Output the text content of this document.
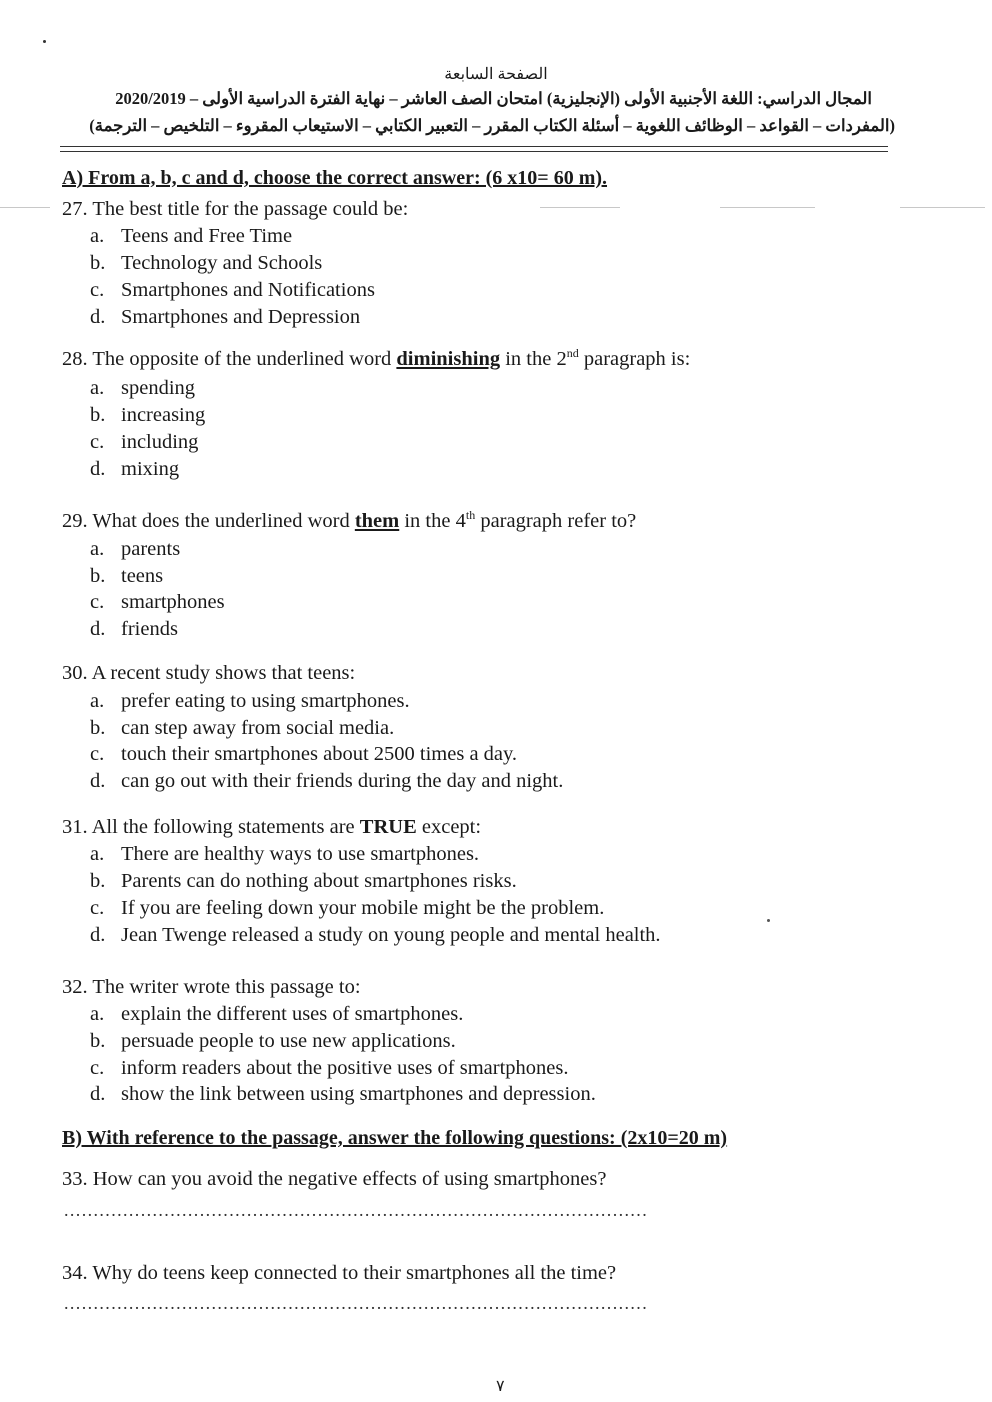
الصفحة السابعة
المجال الدراسي: اللغة الأجنبية الأولى (الإنجليزية) امتحان الصف العاشر – نهاية الفترة الدراسية الأولى – 2020/2019
(المفردات – القواعد – الوظائف اللغوية – أسئلة الكتاب المقرر – التعبير الكتابي – الاستيعاب المقروء – التلخيص – الترجمة)
A) From a, b, c and d, choose the correct answer: (6 x10= 60 m).
27. The best title for the passage could be:
a. Teens and Free Time
b. Technology and Schools
c. Smartphones and Notifications
d. Smartphones and Depression
28. The opposite of the underlined word diminishing in the 2nd paragraph is:
a. spending
b. increasing
c. including
d. mixing
29. What does the underlined word them in the 4th paragraph refer to?
a. parents
b. teens
c. smartphones
d. friends
30. A recent study shows that teens:
a. prefer eating to using smartphones.
b. can step away from social media.
c. touch their smartphones about 2500 times a day.
d. can go out with their friends during the day and night.
31. All the following statements are TRUE except:
a. There are healthy ways to use smartphones.
b. Parents can do nothing about smartphones risks.
c. If you are feeling down your mobile might be the problem.
d. Jean Twenge released a study on young people and mental health.
32. The writer wrote this passage to:
a. explain the different uses of smartphones.
b. persuade people to use new applications.
c. inform readers about the positive uses of smartphones.
d. show the link between using smartphones and depression.
B) With reference to the passage, answer the following questions: (2x10=20 m)
33. How can you avoid the negative effects of using smartphones?
...................................................................................................
34. Why do teens keep connected to their smartphones all the time?
...................................................................................................
٧
